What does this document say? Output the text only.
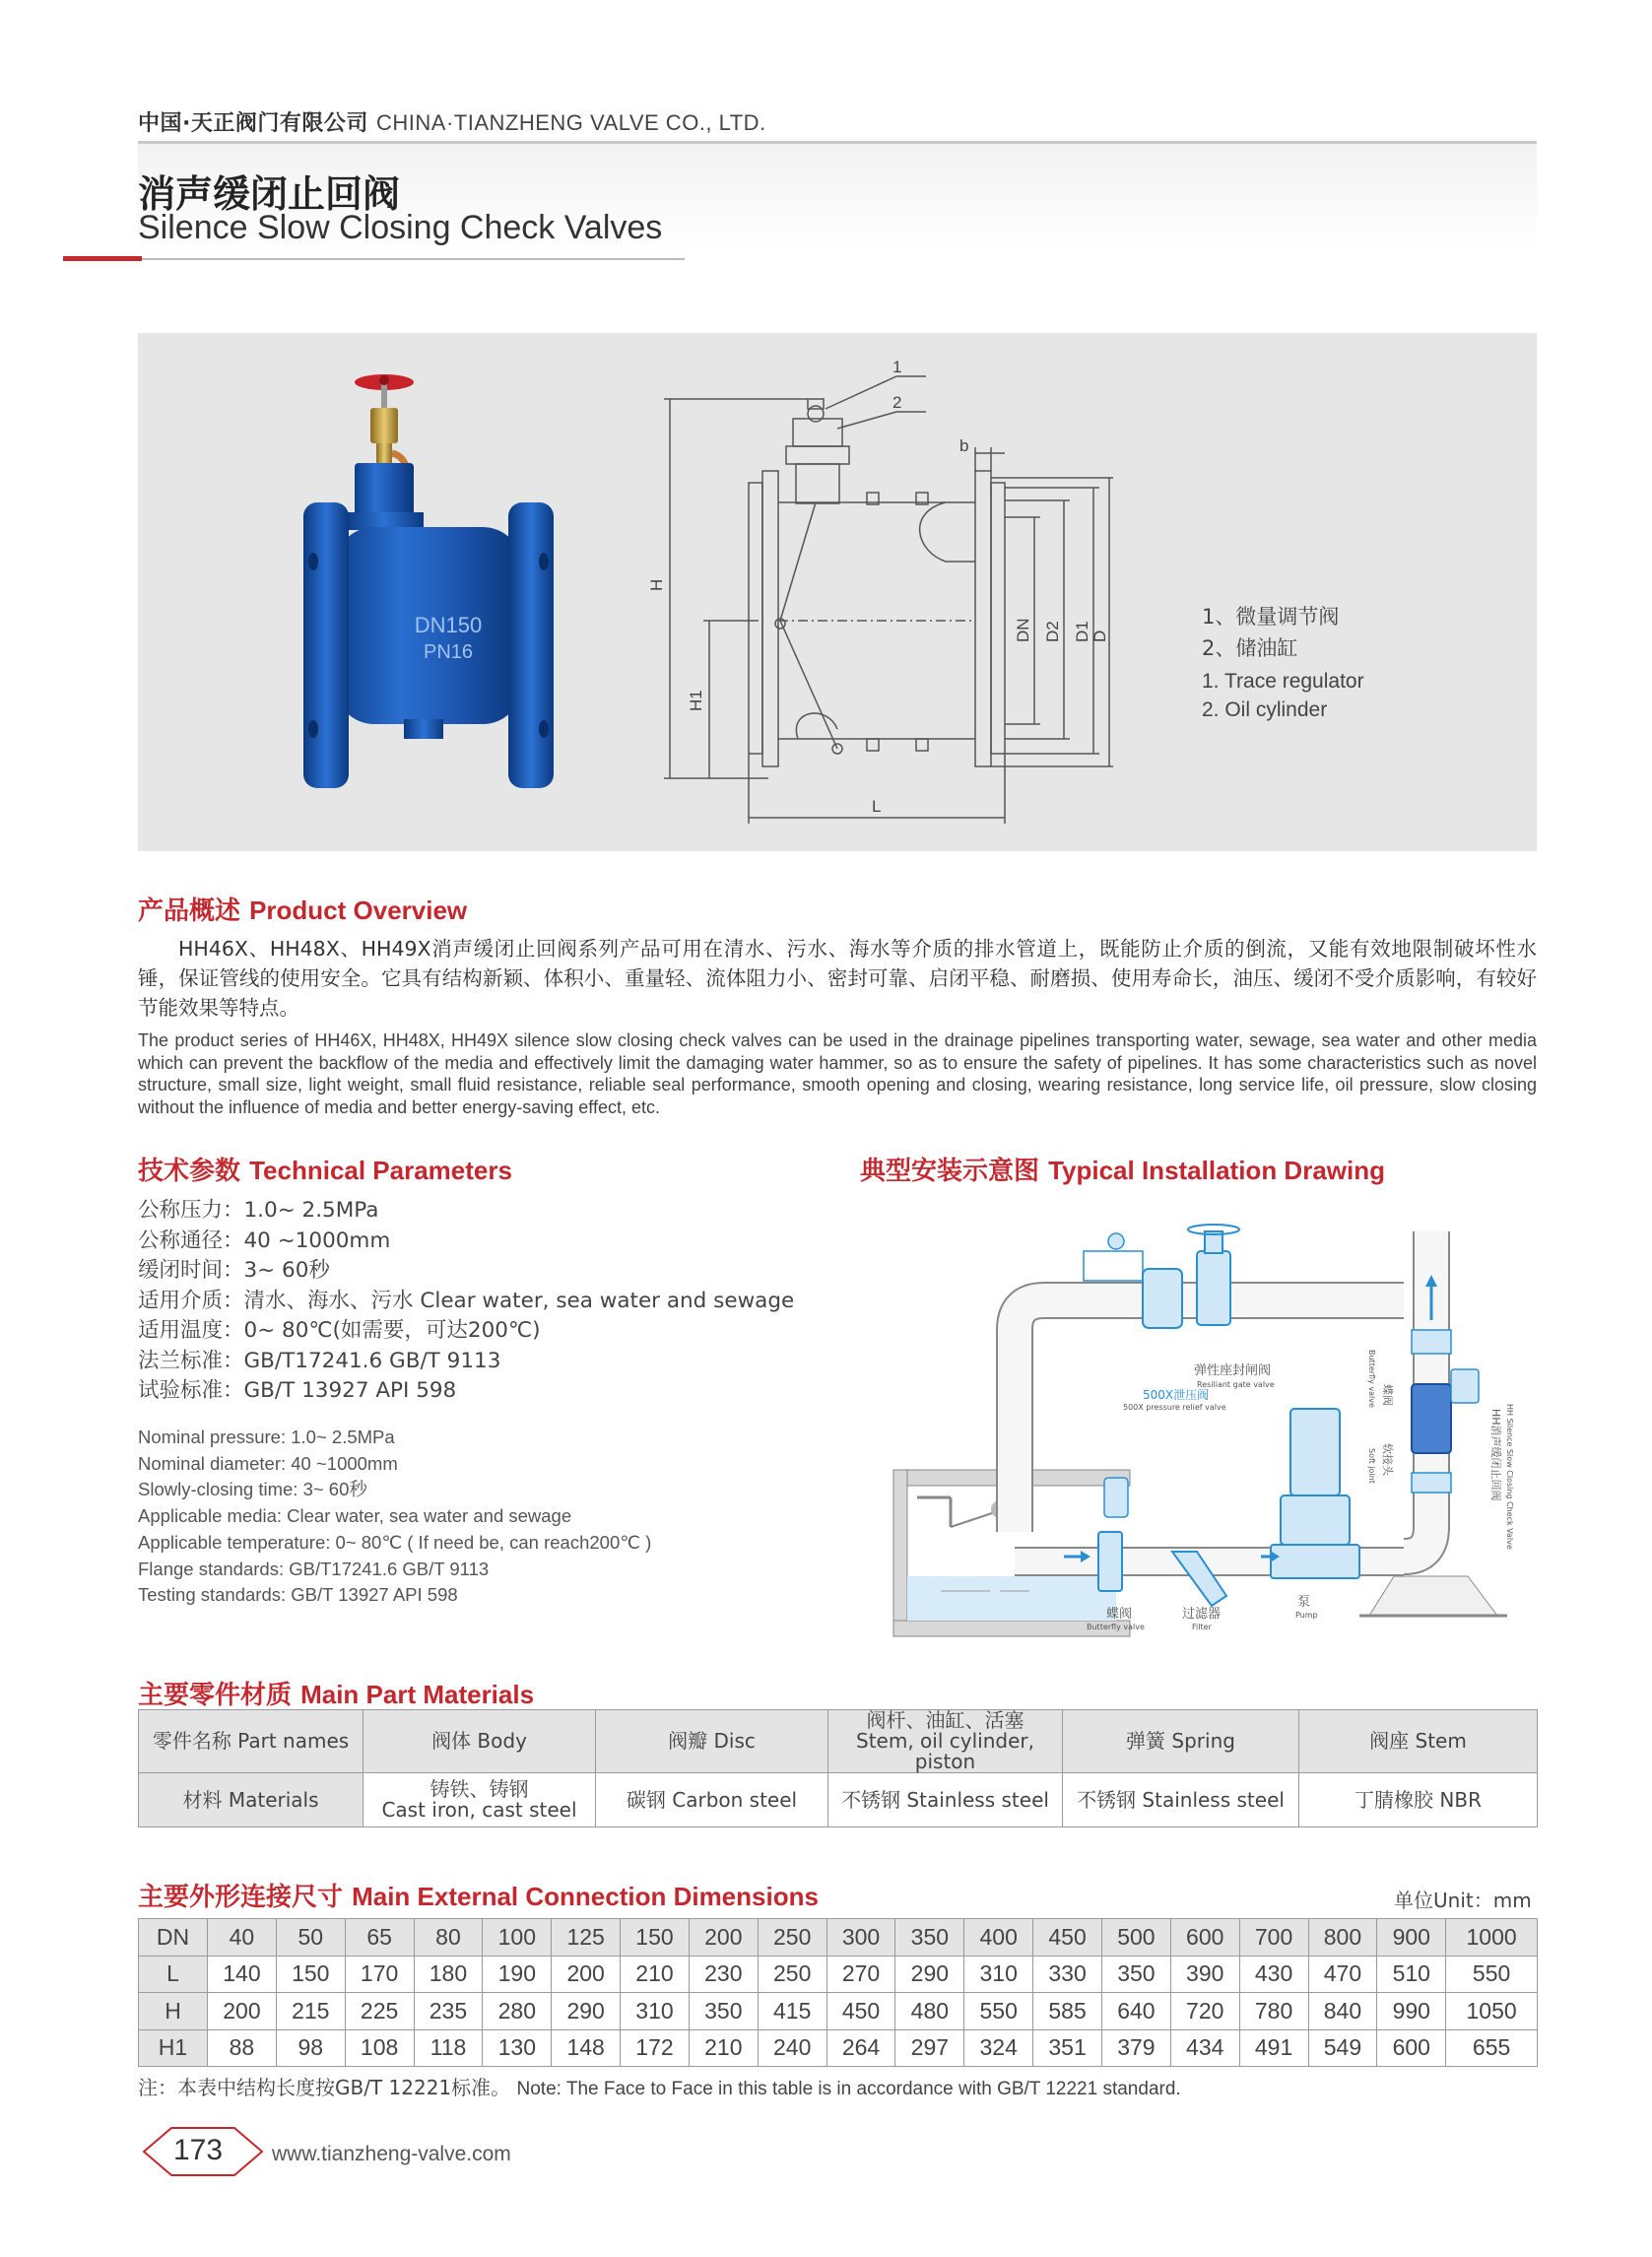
中国·天正阀门有限公司 CHINA·TIANZHENG VALVE CO., LTD.
消声缓闭止回阀
Silence Slow Closing Check Valves
DN150
PN16
1
2
b
H
H1
L
DN D2 D1 D
1、微量调节阀
2、储油缸
1. Trace regulator
2. Oil cylinder
产品概述 Product Overview
HH46X、HH48X、HH49X消声缓闭止回阀系列产品可用在清水、污水、海水等介质的排水管道上，既能防止介质的倒流，又能有效地限制破坏性水锤，保证管线的使用安全。它具有结构新颖、体积小、重量轻、流体阻力小、密封可靠、启闭平稳、耐磨损、使用寿命长，油压、缓闭不受介质影响，有较好节能效果等特点。
The product series of HH46X, HH48X, HH49X silence slow closing check valves can be used in the drainage pipelines transporting water, sewage, sea water and other media which can prevent the backflow of the media and effectively limit the damaging water hammer, so as to ensure the safety of pipelines. It has some characteristics such as novel structure, small size, light weight, small fluid resistance, reliable seal performance, smooth opening and closing, wearing resistance, long service life, oil pressure, slow closing without the influence of media and better energy-saving effect, etc.
技术参数 Technical Parameters
公称压力：1.0~ 2.5MPa
公称通径：40 ~1000mm
缓闭时间：3~ 60秒
适用介质：清水、海水、污水 Clear water, sea water and sewage
适用温度：0~ 80℃(如需要，可达200℃)
法兰标准：GB/T17241.6 GB/T 9113
试验标准：GB/T 13927 API 598
Nominal pressure: 1.0~ 2.5MPa
Nominal diameter: 40 ~1000mm
Slowly-closing time: 3~ 60秒
Applicable media: Clear water, sea water and sewage
Applicable temperature: 0~ 80℃ ( If need be, can reach200℃ )
Flange standards: GB/T17241.6 GB/T 9113
Testing standards: GB/T 13927 API 598
典型安装示意图 Typical Installation Drawing
弹性座封闸阀
Resiliant gate valve
500X泄压阀
500X pressure relief valve
蝶阀
Butterfly valve
软接头
Soft joint	HH消声缓闭止回阀 HH Silence Slow Closing Check Valve
蝶阀
Butterfly valve
过滤器
Filter
泵
Pump
主要零件材质 Main Part Materials
零件名称 Part names	阀体 Body	阀瓣 Disc	阀杆、油缸、活塞
Stem, oil cylinder, piston	弹簧 Spring	阀座 Stem
材料 Materials	铸铁、铸钢
Cast iron, cast steel	碳钢 Carbon steel	不锈钢 Stainless steel	不锈钢 Stainless steel	丁腈橡胶 NBR
主要外形连接尺寸 Main External Connection Dimensions	单位Unit：mm
DN	40	50	65	80	100	125	150	200	250	300	350	400	450	500	600	700	800	900	1000
L	140	150	170	180	190	200	210	230	250	270	290	310	330	350	390	430	470	510	550
H	200	215	225	235	280	290	310	350	415	450	480	550	585	640	720	780	840	990	1050
H1	88	98	108	118	130	148	172	210	240	264	297	324	351	379	434	491	549	600	655
注：本表中结构长度按GB/T 12221标准。 Note: The Face to Face in this table is in accordance with GB/T 12221 standard.
173 www.tianzheng-valve.com
